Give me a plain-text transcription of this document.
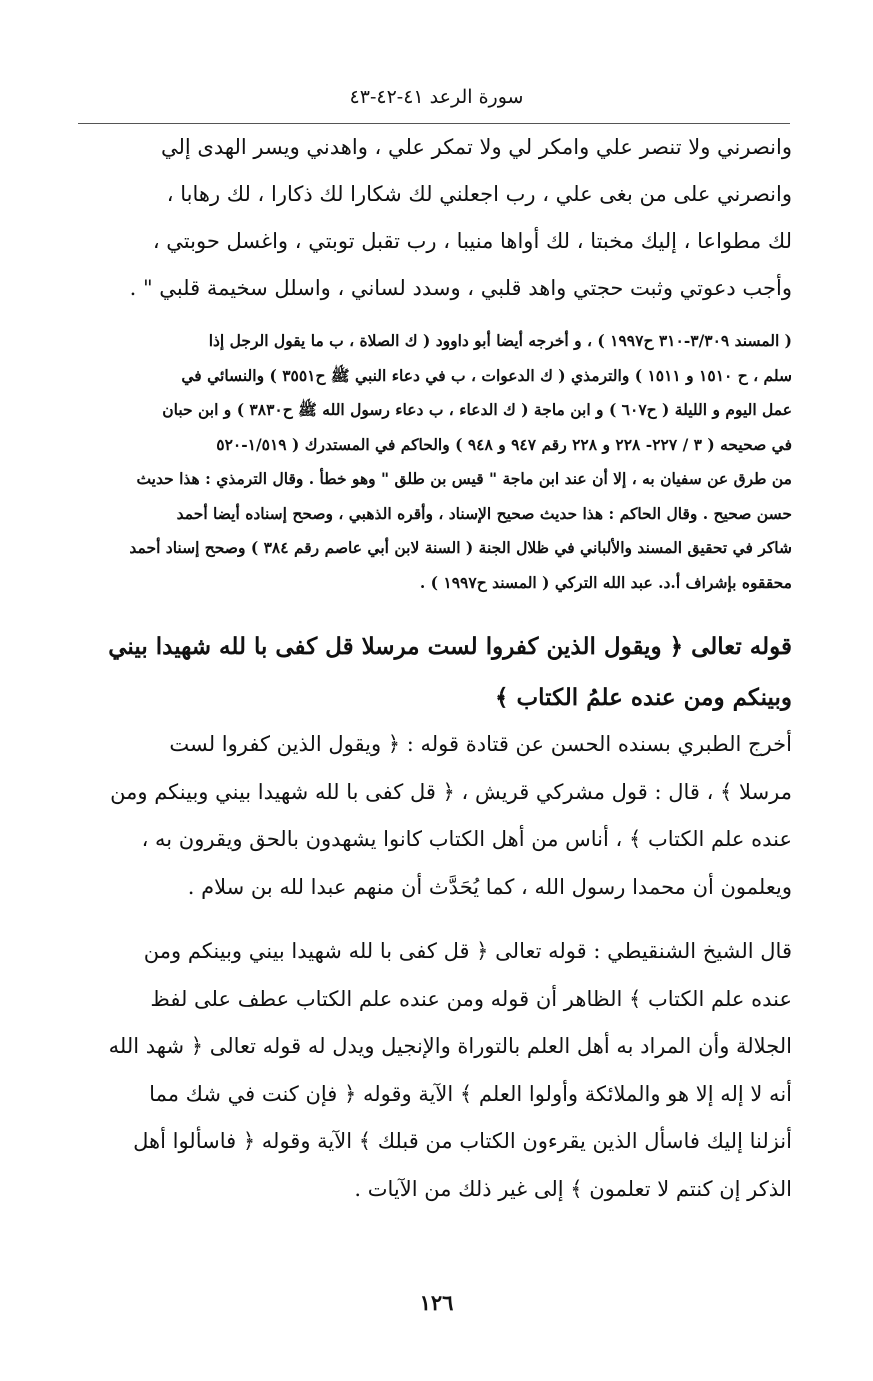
سورة الرعد ٤١-٤٢-٤٣
وانصرني ولا تنصر علي وامكر لي ولا تمكر علي ، واهدني ويسر الهدى إلي
وانصرني على من بغى علي ، رب اجعلني لك شكارا لك ذكارا ، لك رهابا ،
لك مطواعا ، إليك مخبتا ، لك أواها منيبا ، رب تقبل توبتي ، واغسل حوبتي ،
وأجب دعوتي وثبت حجتي واهد قلبي ، وسدد لساني ، واسلل سخيمة قلبي " .
( المسند ٣/٣٠٩-٣١٠ ح١٩٩٧ ) ، و أخرجه أيضا أبو داوود ( ك الصلاة ، ب ما يقول الرجل إذا
سلم ، ح ١٥١٠ و ١٥١١ ) والترمذي ( ك الدعوات ، ب في دعاء النبي ﷺ ح٣٥٥١ ) والنسائي في
عمل اليوم و الليلة ( ح٦٠٧ ) و ابن ماجة ( ك الدعاء ، ب دعاء رسول الله ﷺ ح٣٨٣٠ ) و ابن حبان
في صحيحه ( ٣ / ٢٢٧- ٢٢٨ و ٢٢٨ رقم ٩٤٧ و ٩٤٨ ) والحاكم في المستدرك ( ١/٥١٩-٥٢٠
من طرق عن سفيان به ، إلا أن عند ابن ماجة " قيس بن طلق " وهو خطأ . وقال الترمذي : هذا حديث
حسن صحيح . وقال الحاكم : هذا حديث صحيح الإسناد ، وأقره الذهبي ، وصحح إسناده أيضا أحمد
شاكر في تحقيق المسند والألباني في ظلال الجنة ( السنة لابن أبي عاصم رقم ٣٨٤ ) وصحح إسناد أحمد
محققوه بإشراف أ.د. عبد الله التركي ( المسند ح١٩٩٧ ) .
قوله تعالى ﴿ ويقول الذين كفروا لست مرسلا قل كفى با لله شهيدا بيني
وبينكم ومن عنده علمُ الكتاب ﴾
أخرج الطبري بسنده الحسن عن قتادة قوله : ﴿ ويقول الذين كفروا لست
مرسلا ﴾ ، قال : قول مشركي قريش ، ﴿ قل كفى با لله شهيدا بيني وبينكم ومن
عنده علم الكتاب ﴾ ، أناس من أهل الكتاب كانوا يشهدون بالحق ويقرون به ،
ويعلمون أن محمدا رسول الله ، كما يُحَدَّث أن منهم عبدا لله بن سلام .
قال الشيخ الشنقيطي : قوله تعالى ﴿ قل كفى با لله شهيدا بيني وبينكم ومن
عنده علم الكتاب ﴾ الظاهر أن قوله ومن عنده علم الكتاب عطف على لفظ
الجلالة وأن المراد به أهل العلم بالتوراة والإنجيل ويدل له قوله تعالى ﴿ شهد الله
أنه لا إله إلا هو والملائكة وأولوا العلم ﴾ الآية وقوله ﴿ فإن كنت في شك مما
أنزلنا إليك فاسأل الذين يقرءون الكتاب من قبلك ﴾ الآية وقوله ﴿ فاسألوا أهل
الذكر إن كنتم لا تعلمون ﴾ إلى غير ذلك من الآيات .
١٢٦
